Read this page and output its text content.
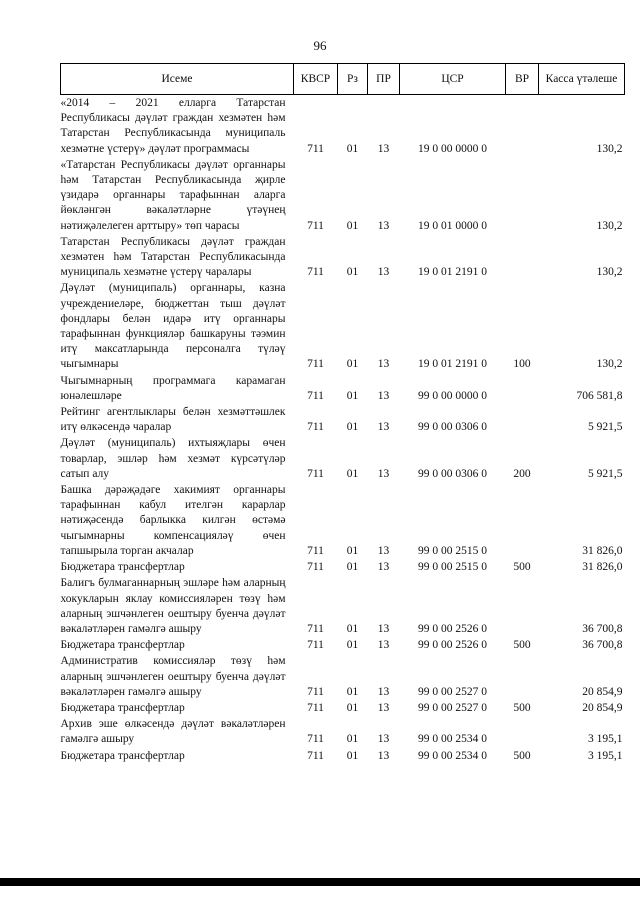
96
Исеме	КВСР	Рз	ПР	ЦСР	ВР	Касса үтәлеше
«2014 – 2021 елларга Татарстан Республикасы дәүләт граждан хезмәтен һәм Татарстан Республикасында муниципаль хезмәтне үстерү» дәүләт программасы	711	01	13	19 0 00 0000 0		130,2
«Татарстан Республикасы дәүләт органнары һәм Татарстан Республикасында җирле үзидарә органнары тарафыннан аларга йөкләнгән вәкаләтләрне үтәүнең нәтиҗәлелеген арттыру» төп чарасы	711	01	13	19 0 01 0000 0		130,2
Татарстан Республикасы дәүләт граждан хезмәтен һәм Татарстан Республикасында муниципаль хезмәтне үстерү чаралары	711	01	13	19 0 01 2191 0		130,2
Дәүләт (муниципаль) органнары, казна учреждениеләре, бюджеттан тыш дәүләт фондлары белән идарә итү органнары тарафыннан функцияләр башкаруны тәэмин итү максатларында персоналга түләү чыгымнары	711	01	13	19 0 01 2191 0	100	130,2
Чыгымнарның программага карамаган юнәлешләре	711	01	13	99 0 00 0000 0		706 581,8
Рейтинг агентлыклары белән хезмәттәшлек итү өлкәсендә чаралар	711	01	13	99 0 00 0306 0		5 921,5
Дәүләт (муниципаль) ихтыяҗлары өчен товарлар, эшләр һәм хезмәт күрсәтүләр сатып алу	711	01	13	99 0 00 0306 0	200	5 921,5
Башка дәрәҗәдәге хакимият органнары тарафыннан кабул ителгән карарлар нәтиҗәсендә барлыкка килгән өстәмә чыгымнарны компенсацияләү өчен тапшырыла торган акчалар	711	01	13	99 0 00 2515 0		31 826,0
Бюджетара трансфертлар	711	01	13	99 0 00 2515 0	500	31 826,0
Балигъ булмаганнарның эшләре һәм аларның хокукларын яклау комиссияләрен төзү һәм аларның эшчәнлеген оештыру буенча дәүләт вәкаләтләрен гамәлгә ашыру	711	01	13	99 0 00 2526 0		36 700,8
Бюджетара трансфертлар	711	01	13	99 0 00 2526 0	500	36 700,8
Административ комиссияләр төзү һәм аларның эшчәнлеген оештыру буенча дәүләт вәкаләтләрен гамәлгә ашыру	711	01	13	99 0 00 2527 0		20 854,9
Бюджетара трансфертлар	711	01	13	99 0 00 2527 0	500	20 854,9
Архив эше өлкәсендә дәүләт вәкаләтләрен гамәлгә ашыру	711	01	13	99 0 00 2534 0		3 195,1
Бюджетара трансфертлар	711	01	13	99 0 00 2534 0	500	3 195,1
